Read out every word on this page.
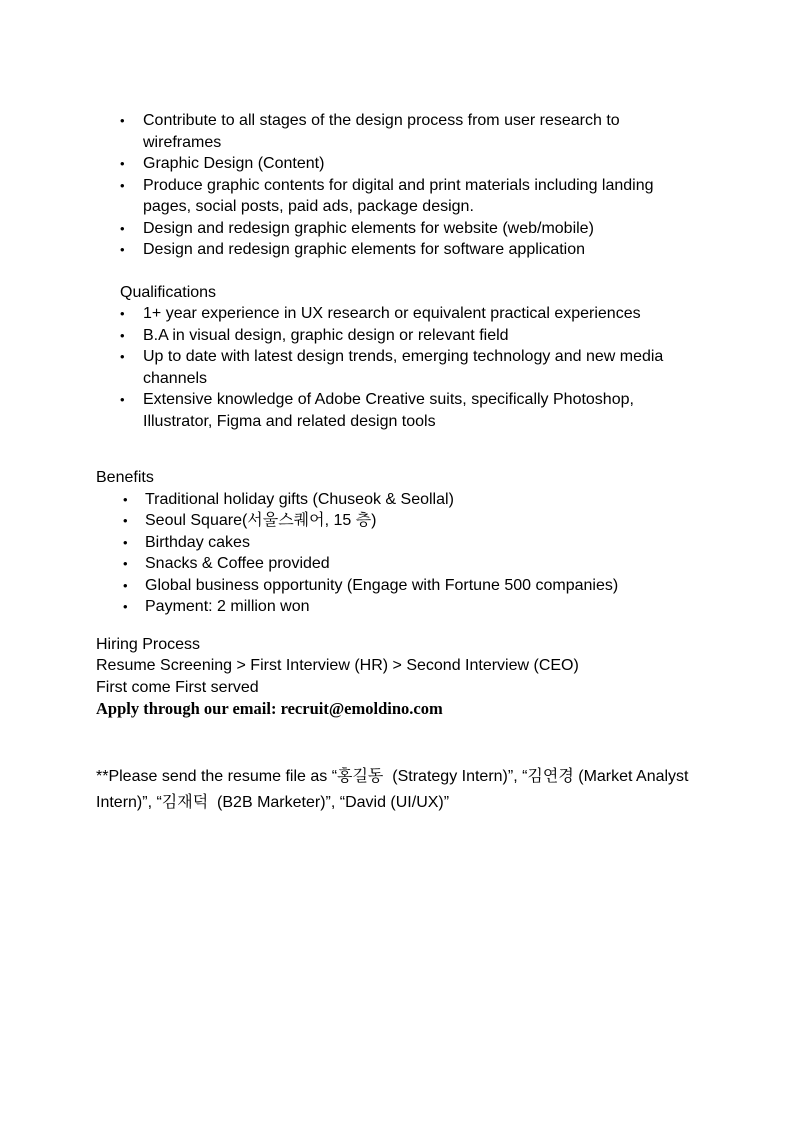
•	Contribute to all stages of the design process from user research to wireframes
•	Graphic Design (Content)
•	Produce graphic contents for digital and print materials including landing pages, social posts, paid ads, package design.
•	Design and redesign graphic elements for website (web/mobile)
•	Design and redesign graphic elements for software application
Qualifications
•	1+ year experience in UX research or equivalent practical experiences
•	B.A in visual design, graphic design or relevant field
•	Up to date with latest design trends, emerging technology and new media channels
•	Extensive knowledge of Adobe Creative suits, specifically Photoshop, Illustrator, Figma and related design tools
Benefits
•	Traditional holiday gifts (Chuseok & Seollal)
•	Seoul Square(서울스퀘어, 15 층)
•	Birthday cakes
•	Snacks & Coffee provided
•	Global business opportunity (Engage with Fortune 500 companies)
•	Payment: 2 million won
Hiring Process
Resume Screening > First Interview (HR) > Second Interview (CEO)
First come First served
Apply through our email: recruit@emoldino.com
**Please send the resume file as “홍길동  (Strategy Intern)”, “김연경 (Market Analyst Intern)”, “김재덕  (B2B Marketer)”, “David (UI/UX)”
